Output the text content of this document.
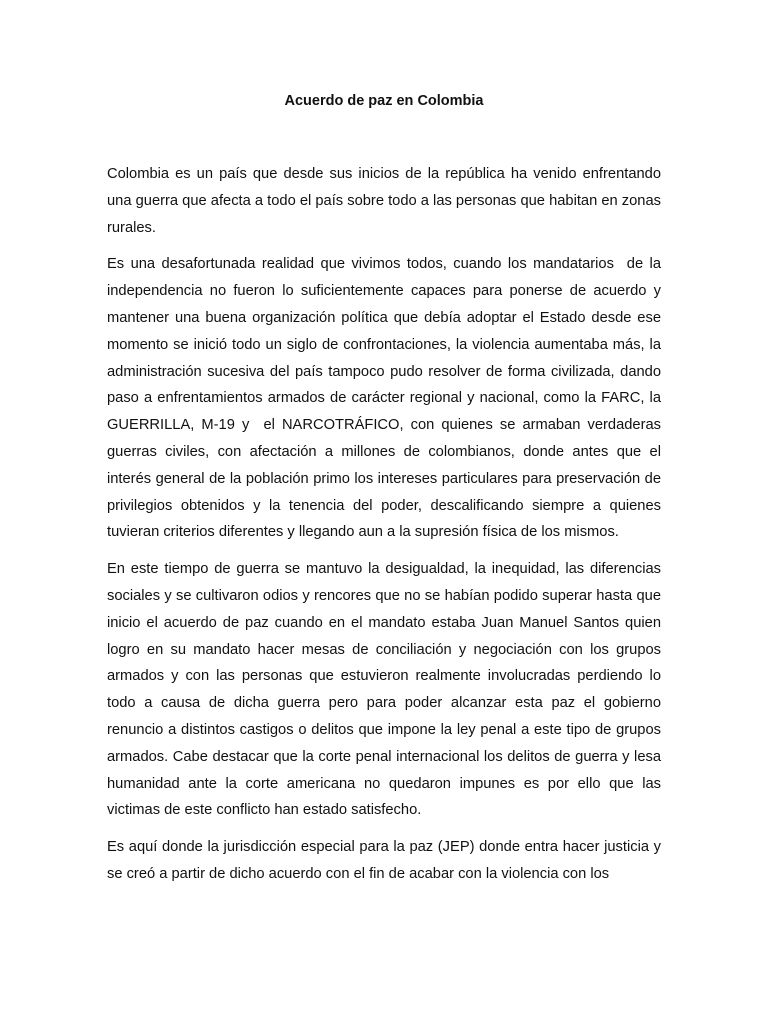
Acuerdo de paz en Colombia

Colombia es un país que desde sus inicios de la república ha venido enfrentando una guerra que afecta a todo el país sobre todo a las personas que habitan en zonas rurales.

Es una desafortunada realidad que vivimos todos, cuando los mandatarios  de la independencia no fueron lo suficientemente capaces para ponerse de acuerdo y mantener una buena organización política que debía adoptar el Estado desde ese momento se inició todo un siglo de confrontaciones, la violencia aumentaba más, la administración sucesiva del país tampoco pudo resolver de forma civilizada, dando paso a enfrentamientos armados de carácter regional y nacional, como la FARC, la GUERRILLA, M-19 y  el NARCOTRÁFICO, con quienes se armaban verdaderas guerras civiles, con afectación a millones de colombianos, donde antes que el interés general de la población primo los intereses particulares para preservación de privilegios obtenidos y la tenencia del poder, descalificando siempre a quienes tuvieran criterios diferentes y llegando aun a la supresión física de los mismos.

En este tiempo de guerra se mantuvo la desigualdad, la inequidad, las diferencias sociales y se cultivaron odios y rencores que no se habían podido superar hasta que inicio el acuerdo de paz cuando en el mandato estaba Juan Manuel Santos quien logro en su mandato hacer mesas de conciliación y negociación con los grupos armados y con las personas que estuvieron realmente involucradas perdiendo lo todo a causa de dicha guerra pero para poder alcanzar esta paz el gobierno renuncio a distintos castigos o delitos que impone la ley penal a este tipo de grupos armados. Cabe destacar que la corte penal internacional los delitos de guerra y lesa humanidad ante la corte americana no quedaron impunes es por ello que las victimas de este conflicto han estado satisfecho.

Es aquí donde la jurisdicción especial para la paz (JEP) donde entra hacer justicia y se creó a partir de dicho acuerdo con el fin de acabar con la violencia con los
